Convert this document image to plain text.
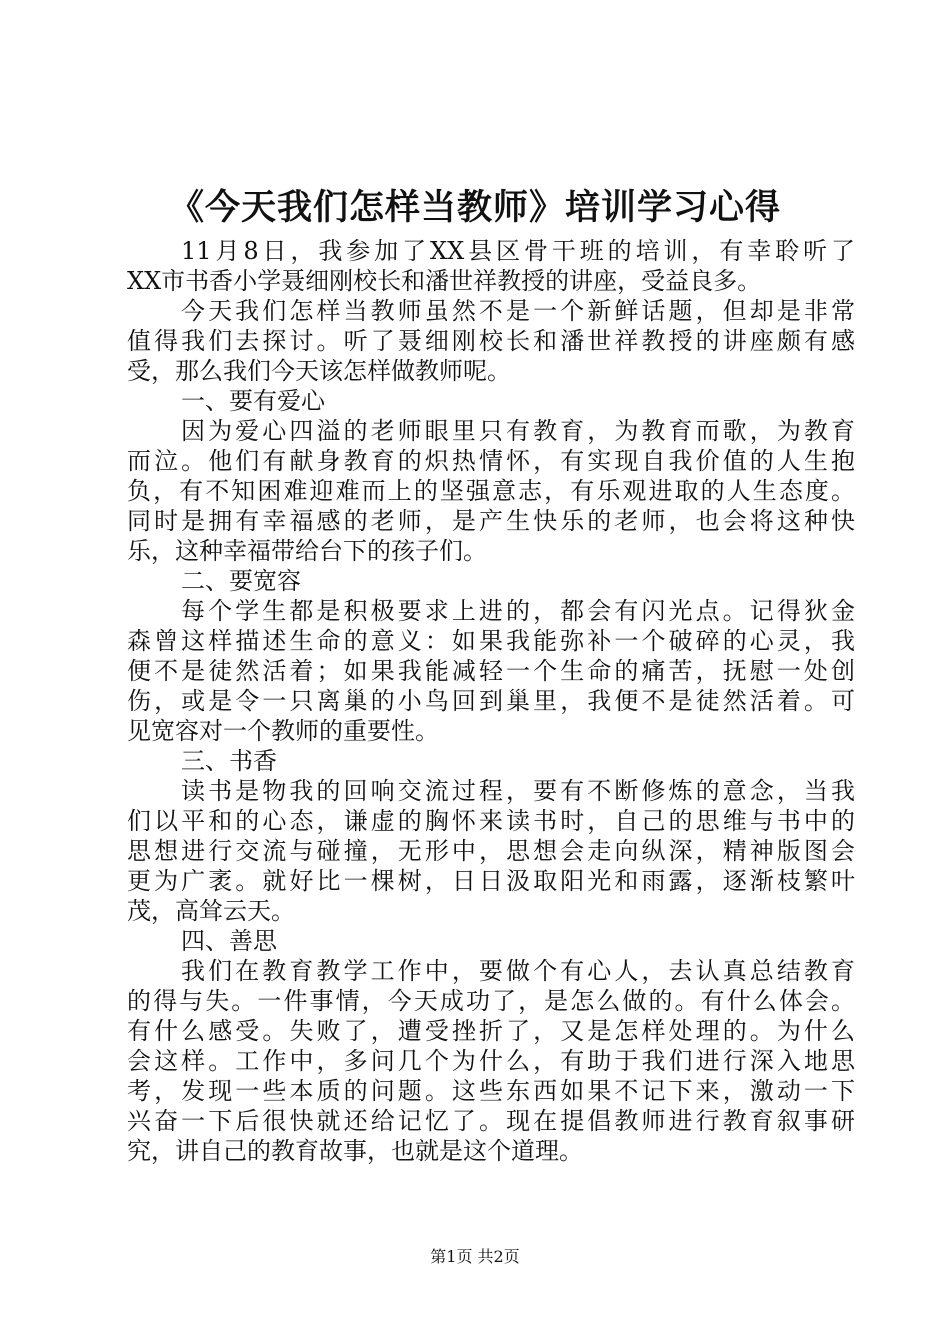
《今天我们怎样当教师》培训学习心得
11月8日，我参加了XX县区骨干班的培训，有幸聆听了
XX市书香小学聂细刚校长和潘世祥教授的讲座，受益良多。
今天我们怎样当教师虽然不是一个新鲜话题，但却是非常
值得我们去探讨。听了聂细刚校长和潘世祥教授的讲座颇有感
受，那么我们今天该怎样做教师呢。
一、要有爱心
因为爱心四溢的老师眼里只有教育，为教育而歌，为教育
而泣。他们有献身教育的炽热情怀，有实现自我价值的人生抱
负，有不知困难迎难而上的坚强意志，有乐观进取的人生态度。
同时是拥有幸福感的老师，是产生快乐的老师，也会将这种快
乐，这种幸福带给台下的孩子们。
二、要宽容
每个学生都是积极要求上进的，都会有闪光点。记得狄金
森曾这样描述生命的意义：如果我能弥补一个破碎的心灵，我
便不是徒然活着；如果我能减轻一个生命的痛苦，抚慰一处创
伤，或是令一只离巢的小鸟回到巢里，我便不是徒然活着。可
见宽容对一个教师的重要性。
三、书香
读书是物我的回响交流过程，要有不断修炼的意念，当我
们以平和的心态，谦虚的胸怀来读书时，自己的思维与书中的
思想进行交流与碰撞，无形中，思想会走向纵深，精神版图会
更为广袤。就好比一棵树，日日汲取阳光和雨露，逐渐枝繁叶
茂，高耸云天。
四、善思
我们在教育教学工作中，要做个有心人，去认真总结教育
的得与失。一件事情，今天成功了，是怎么做的。有什么体会。
有什么感受。失败了，遭受挫折了，又是怎样处理的。为什么
会这样。工作中，多问几个为什么，有助于我们进行深入地思
考，发现一些本质的问题。这些东西如果不记下来，激动一下
兴奋一下后很快就还给记忆了。现在提倡教师进行教育叙事研
究，讲自己的教育故事，也就是这个道理。
第1页 共2页
